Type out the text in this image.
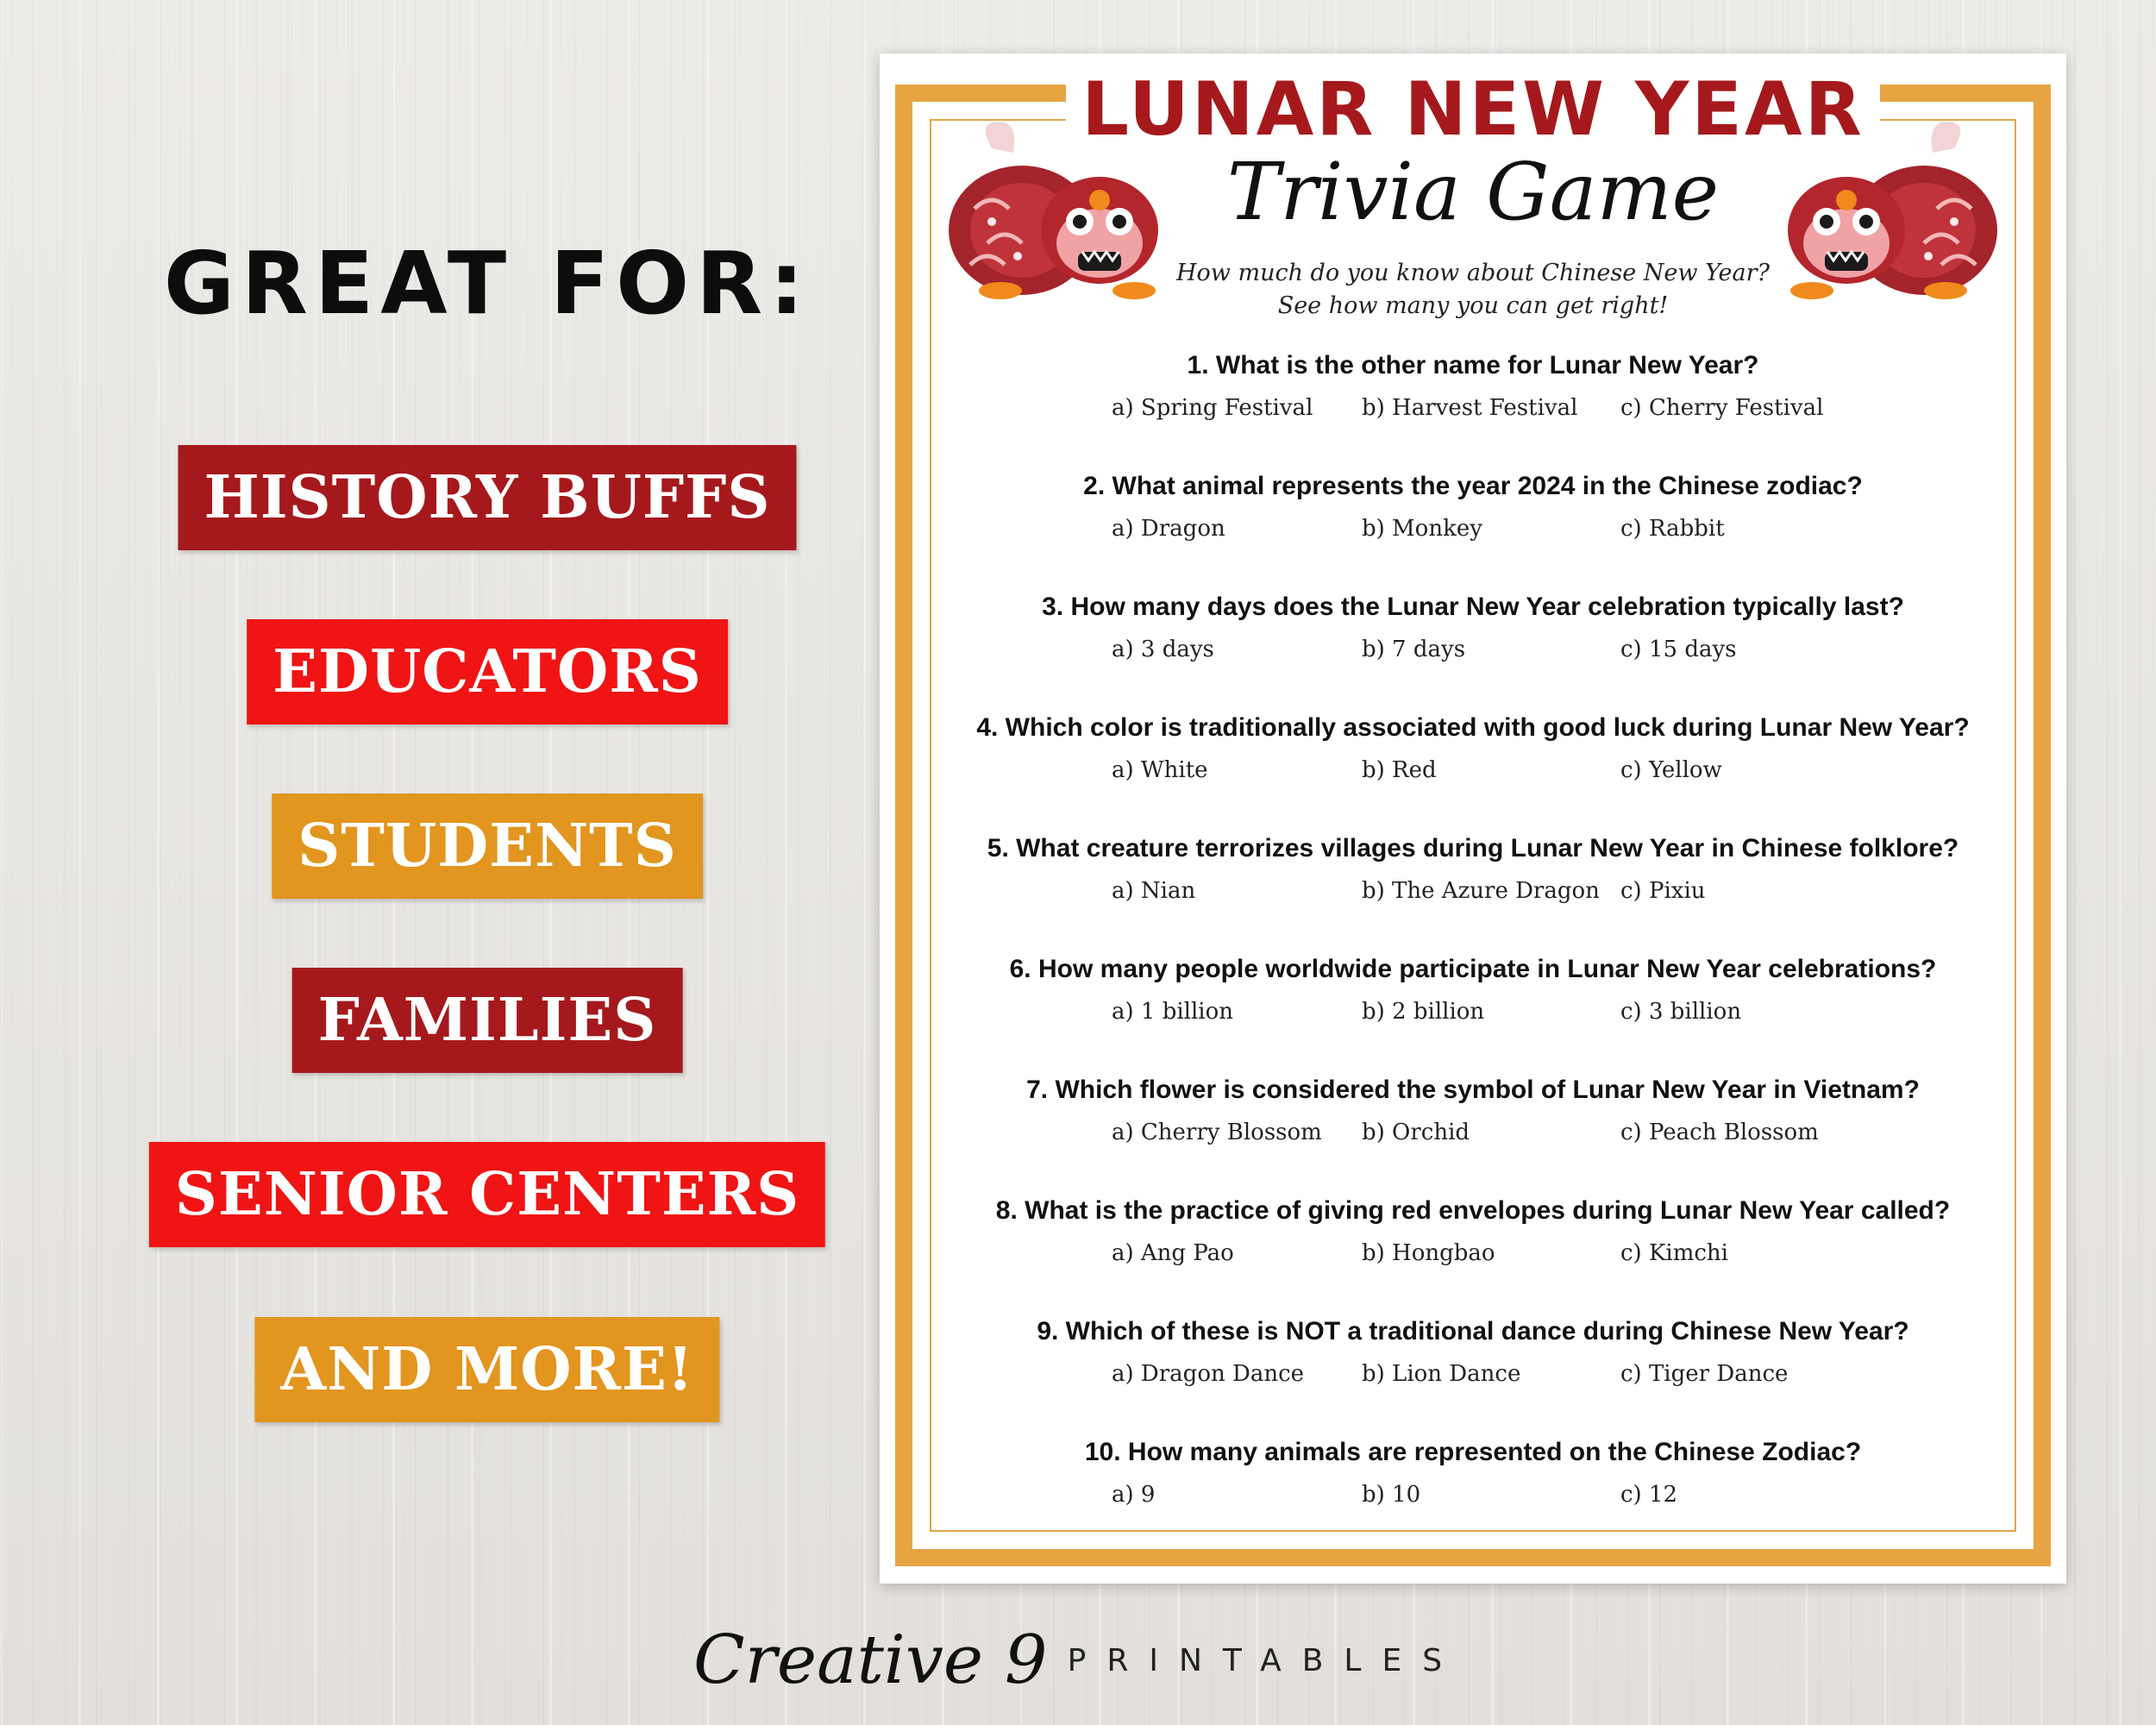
GREAT FOR:
HISTORY BUFFS
EDUCATORS
STUDENTS
FAMILIES
SENIOR CENTERS
AND MORE!
LUNAR NEW YEAR
Trivia Game
How much do you know about Chinese New Year?
See how many you can get right!
1. What is the other name for Lunar New Year?
a) Spring Festival b) Harvest Festival c) Cherry Festival
2. What animal represents the year 2024 in the Chinese zodiac?
a) Dragon	b) Monkey	c) Rabbit
3. How many days does the Lunar New Year celebration typically last?
a) 3 days	b) 7 days	c) 15 days
4. Which color is traditionally associated with good luck during Lunar New Year?
a) White	b) Red	c) Yellow
5. What creature terrorizes villages during Lunar New Year in Chinese folklore?
a) Nian	b) The Azure Dragon c) Pixiu
6. How many people worldwide participate in Lunar New Year celebrations?
a) 1 billion	b) 2 billion	c) 3 billion
7. Which flower is considered the symbol of Lunar New Year in Vietnam?
a) Cherry Blossom b) Orchid	c) Peach Blossom
8. What is the practice of giving red envelopes during Lunar New Year called?
a) Ang Pao	b) Hongbao	c) Kimchi
9. Which of these is NOT a traditional dance during Chinese New Year?
a) Dragon Dance	b) Lion Dance	c) Tiger Dance
10. How many animals are represented on the Chinese Zodiac?
a) 9	b) 10	c) 12
Creative 9 PRINTABLES
